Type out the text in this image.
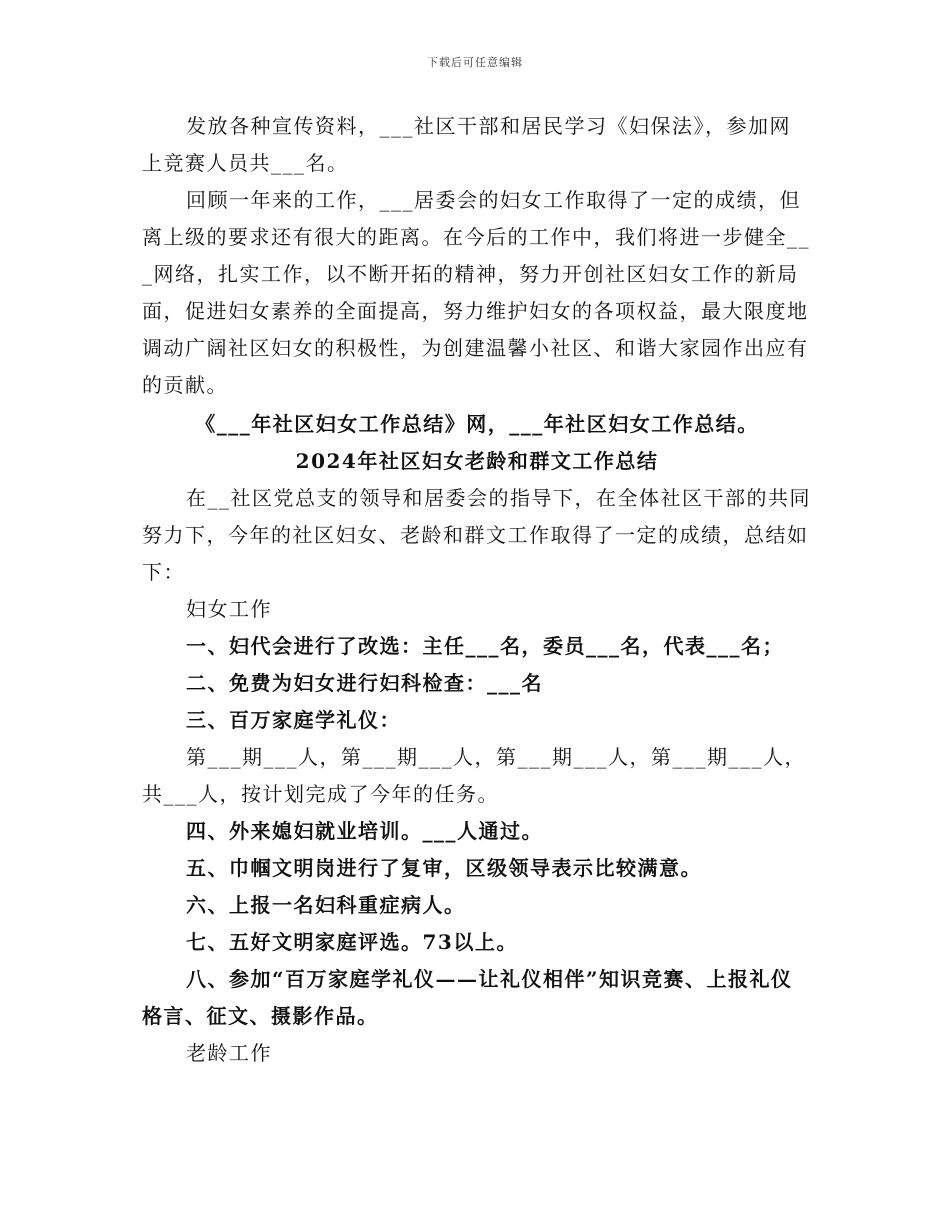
下载后可任意编辑

发放各种宣传资料，___社区干部和居民学习《妇保法》，参加网上竞赛人员共___名。

回顾一年来的工作，___居委会的妇女工作取得了一定的成绩，但离上级的要求还有很大的距离。在今后的工作中，我们将进一步健全___网络，扎实工作，以不断开拓的精神，努力开创社区妇女工作的新局面，促进妇女素养的全面提高，努力维护妇女的各项权益，最大限度地调动广阔社区妇女的积极性，为创建温馨小社区、和谐大家园作出应有的贡献。

《___年社区妇女工作总结》网，___年社区妇女工作总结。

2024年社区妇女老龄和群文工作总结

在__社区党总支的领导和居委会的指导下，在全体社区干部的共同努力下，今年的社区妇女、老龄和群文工作取得了一定的成绩，总结如下：

妇女工作

一、妇代会进行了改选：主任___名，委员___名，代表___名；

二、免费为妇女进行妇科检查：___名

三、百万家庭学礼仪：

第___期___人，第___期___人，第___期___人，第___期___人，共___人，按计划完成了今年的任务。

四、外来媳妇就业培训。___人通过。

五、巾帼文明岗进行了复审，区级领导表示比较满意。

六、上报一名妇科重症病人。

七、五好文明家庭评选。73以上。

八、参加“百万家庭学礼仪——让礼仪相伴”知识竞赛、上报礼仪格言、征文、摄影作品。

老龄工作
